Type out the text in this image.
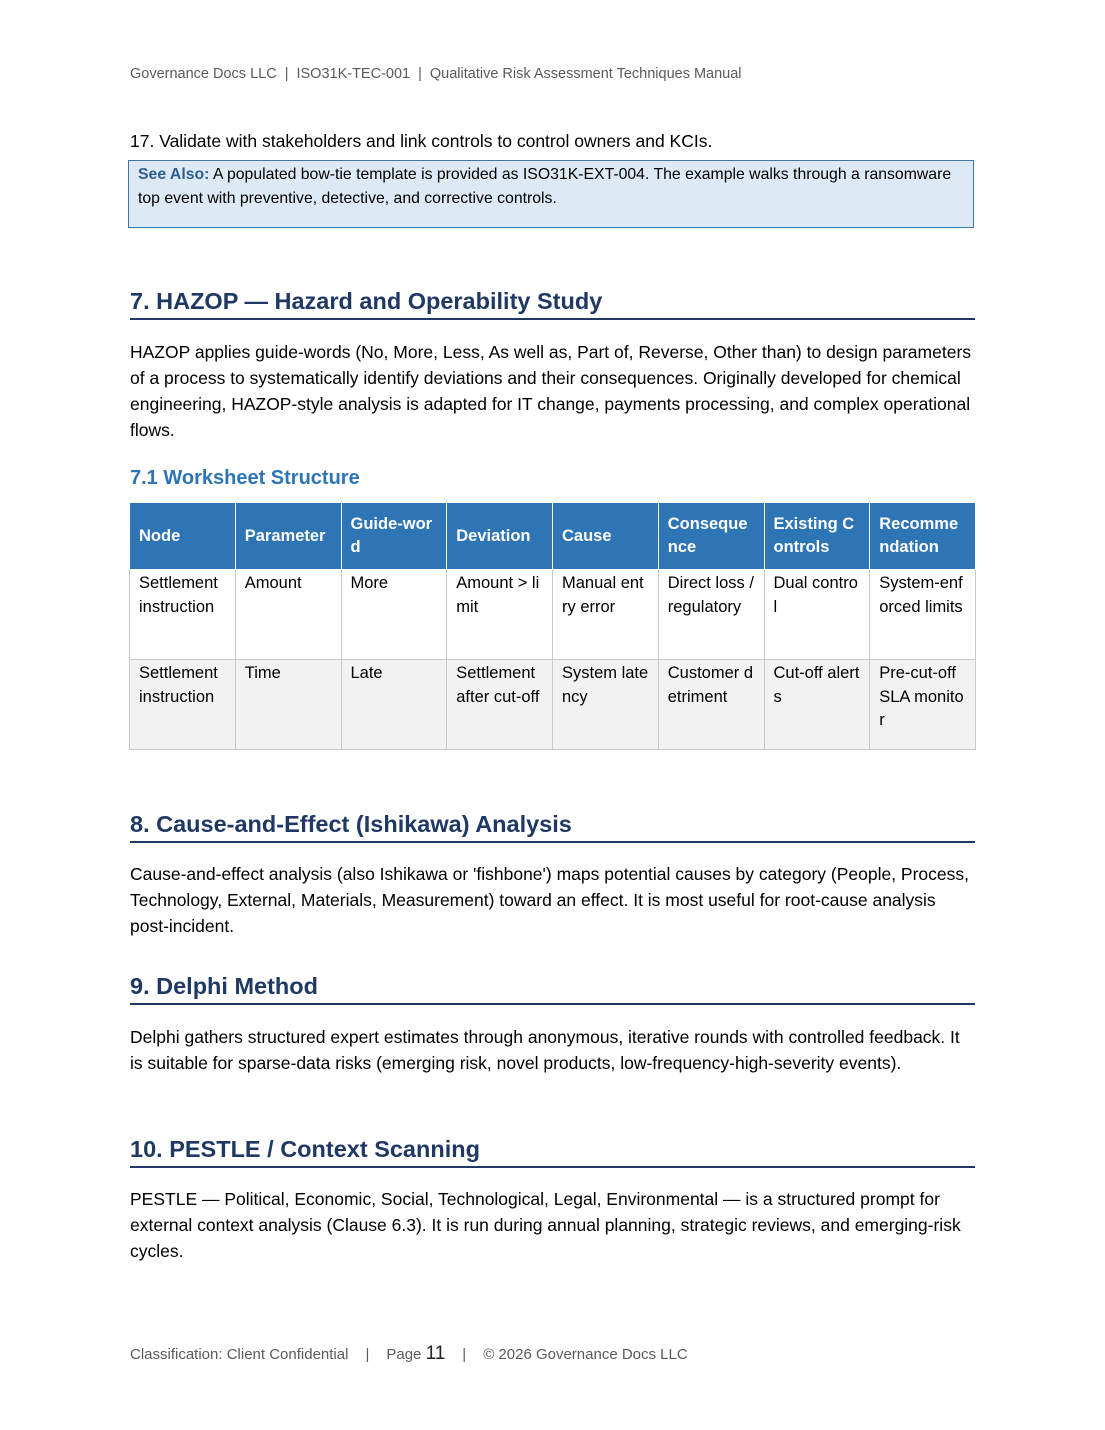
Governance Docs LLC | ISO31K-TEC-001 | Qualitative Risk Assessment Techniques Manual
17. Validate with stakeholders and link controls to control owners and KCIs.
See Also: A populated bow-tie template is provided as ISO31K-EXT-004. The example walks through a ransomware top event with preventive, detective, and corrective controls.
7. HAZOP — Hazard and Operability Study

HAZOP applies guide-words (No, More, Less, As well as, Part of, Reverse, Other than) to design parameters of a process to systematically identify deviations and their consequences. Originally developed for chemical engineering, HAZOP-style analysis is adapted for IT change, payments processing, and complex operational flows.

7.1 Worksheet Structure
Node	Parameter	Guide-word	Deviation	Cause	Consequence	Existing Controls	Recommendation
Settlement instruction	Amount	More	Amount > limit	Manual entry error	Direct loss / regulatory	Dual control	System-enforced limits
Settlement instruction	Time	Late	Settlement after cut-off	System latency	Customer detriment	Cut-off alerts	Pre-cut-off SLA monitor
8. Cause-and-Effect (Ishikawa) Analysis

Cause-and-effect analysis (also Ishikawa or 'fishbone') maps potential causes by category (People, Process, Technology, External, Materials, Measurement) toward an effect. It is most useful for root-cause analysis post-incident.

9. Delphi Method

Delphi gathers structured expert estimates through anonymous, iterative rounds with controlled feedback. It is suitable for sparse-data risks (emerging risk, novel products, low-frequency-high-severity events).

10. PESTLE / Context Scanning

PESTLE — Political, Economic, Social, Technological, Legal, Environmental — is a structured prompt for external context analysis (Clause 6.3). It is run during annual planning, strategic reviews, and emerging-risk cycles.

Classification: Client Confidential | Page 11 | © 2026 Governance Docs LLC
